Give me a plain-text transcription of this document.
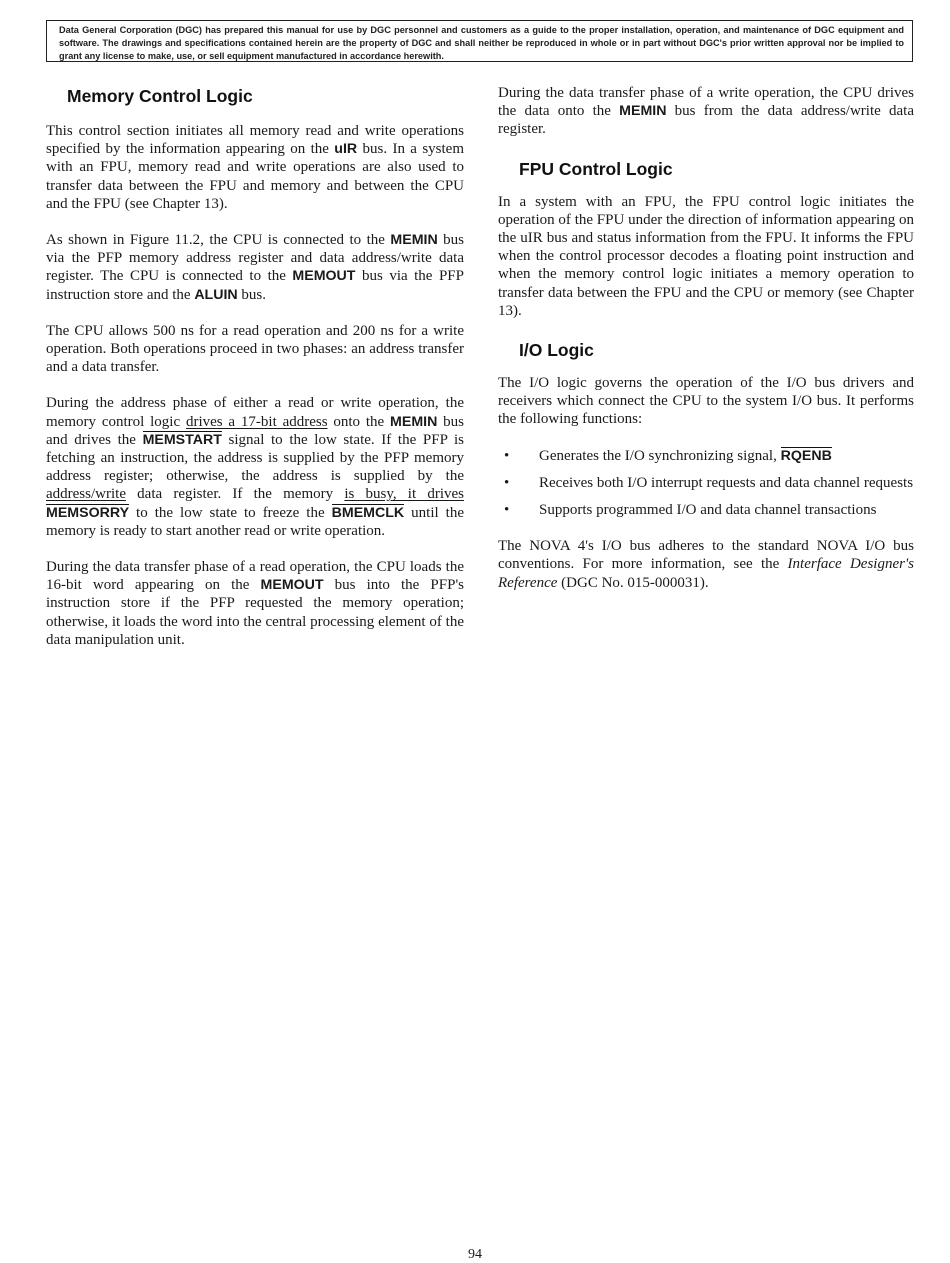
Data General Corporation (DGC) has prepared this manual for use by DGC personnel and customers as a guide to the proper installation, operation, and maintenance of DGC equipment and software. The drawings and specifications contained herein are the property of DGC and shall neither be reproduced in whole or in part without DGC's prior written approval nor be implied to grant any license to make, use, or sell equipment manufactured in accordance herewith.
Memory Control Logic

This control section initiates all memory read and write operations specified by the information appearing on the uIR bus. In a system with an FPU, memory read and write operations are also used to transfer data between the FPU and memory and between the CPU and the FPU (see Chapter 13).

As shown in Figure 11.2, the CPU is connected to the MEMIN bus via the PFP memory address register and data address/write data register. The CPU is connected to the MEMOUT bus via the PFP instruction store and the ALUIN bus.

The CPU allows 500 ns for a read operation and 200 ns for a write operation. Both operations proceed in two phases: an address transfer and a data transfer.

During the address phase of either a read or write operation, the memory control logic drives a 17-bit address onto the MEMIN bus and drives the MEMSTART signal to the low state. If the PFP is fetching an instruction, the address is supplied by the PFP memory address register; otherwise, the address is supplied by the address/write data register. If the memory is busy, it drives MEMSORRY to the low state to freeze the BMEMCLK until the memory is ready to start another read or write operation.

During the data transfer phase of a read operation, the CPU loads the 16-bit word appearing on the MEMOUT bus into the PFP's instruction store if the PFP requested the memory operation; otherwise, it loads the word into the central processing element of the data manipulation unit.

During the data transfer phase of a write operation, the CPU drives the data onto the MEMIN bus from the data address/write data register.

FPU Control Logic

In a system with an FPU, the FPU control logic initiates the operation of the FPU under the direction of information appearing on the uIR bus and status information from the FPU. It informs the FPU when the control processor decodes a floating point instruction and when the memory control logic initiates a memory operation to transfer data between the FPU and the CPU or memory (see Chapter 13).

I/O Logic

The I/O logic governs the operation of the I/O bus drivers and receivers which connect the CPU to the system I/O bus. It performs the following functions:

• Generates the I/O synchronizing signal, RQENB
• Receives both I/O interrupt requests and data channel requests
• Supports programmed I/O and data channel transactions

The NOVA 4's I/O bus adheres to the standard NOVA I/O bus conventions. For more information, see the Interface Designer's Reference (DGC No. 015-000031).

94
